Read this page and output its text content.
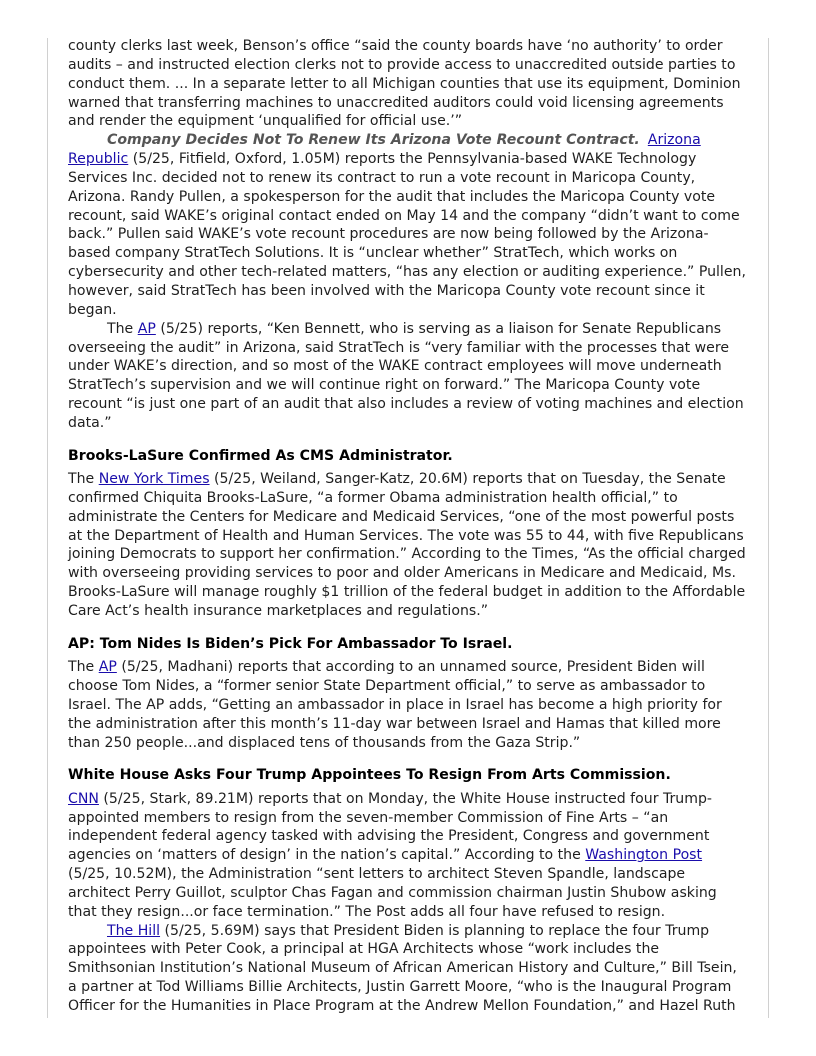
county clerks last week, Benson’s office “said the county boards have ‘no authority’ to order audits – and instructed election clerks not to provide access to unaccredited outside parties to conduct them. ... In a separate letter to all Michigan counties that use its equipment, Dominion warned that transferring machines to unaccredited auditors could void licensing agreements and render the equipment ‘unqualified for official use.’”

Company Decides Not To Renew Its Arizona Vote Recount Contract. Arizona Republic (5/25, Fitfield, Oxford, 1.05M) reports the Pennsylvania-based WAKE Technology Services Inc. decided not to renew its contract to run a vote recount in Maricopa County, Arizona. Randy Pullen, a spokesperson for the audit that includes the Maricopa County vote recount, said WAKE’s original contact ended on May 14 and the company “didn’t want to come back.” Pullen said WAKE’s vote recount procedures are now being followed by the Arizona-based company StratTech Solutions. It is “unclear whether” StratTech, which works on cybersecurity and other tech-related matters, “has any election or auditing experience.” Pullen, however, said StratTech has been involved with the Maricopa County vote recount since it began.

The AP (5/25) reports, “Ken Bennett, who is serving as a liaison for Senate Republicans overseeing the audit” in Arizona, said StratTech is “very familiar with the processes that were under WAKE’s direction, and so most of the WAKE contract employees will move underneath StratTech’s supervision and we will continue right on forward.” The Maricopa County vote recount “is just one part of an audit that also includes a review of voting machines and election data.”

Brooks-LaSure Confirmed As CMS Administrator.

The New York Times (5/25, Weiland, Sanger-Katz, 20.6M) reports that on Tuesday, the Senate confirmed Chiquita Brooks-LaSure, “a former Obama administration health official,” to administrate the Centers for Medicare and Medicaid Services, “one of the most powerful posts at the Department of Health and Human Services. The vote was 55 to 44, with five Republicans joining Democrats to support her confirmation.” According to the Times, “As the official charged with overseeing providing services to poor and older Americans in Medicare and Medicaid, Ms. Brooks-LaSure will manage roughly $1 trillion of the federal budget in addition to the Affordable Care Act’s health insurance marketplaces and regulations.”

AP: Tom Nides Is Biden’s Pick For Ambassador To Israel.

The AP (5/25, Madhani) reports that according to an unnamed source, President Biden will choose Tom Nides, a “former senior State Department official,” to serve as ambassador to Israel. The AP adds, “Getting an ambassador in place in Israel has become a high priority for the administration after this month’s 11-day war between Israel and Hamas that killed more than 250 people...and displaced tens of thousands from the Gaza Strip.”

White House Asks Four Trump Appointees To Resign From Arts Commission.

CNN (5/25, Stark, 89.21M) reports that on Monday, the White House instructed four Trump-appointed members to resign from the seven-member Commission of Fine Arts – “an independent federal agency tasked with advising the President, Congress and government agencies on ‘matters of design’ in the nation’s capital.” According to the Washington Post (5/25, 10.52M), the Administration “sent letters to architect Steven Spandle, landscape architect Perry Guillot, sculptor Chas Fagan and commission chairman Justin Shubow asking that they resign...or face termination.” The Post adds all four have refused to resign.

The Hill (5/25, 5.69M) says that President Biden is planning to replace the four Trump appointees with Peter Cook, a principal at HGA Architects whose “work includes the Smithsonian Institution’s National Museum of African American History and Culture,” Bill Tsein, a partner at Tod Williams Billie Architects, Justin Garrett Moore, “who is the Inaugural Program Officer for the Humanities in Place Program at the Andrew Mellon Foundation,” and Hazel Ruth
